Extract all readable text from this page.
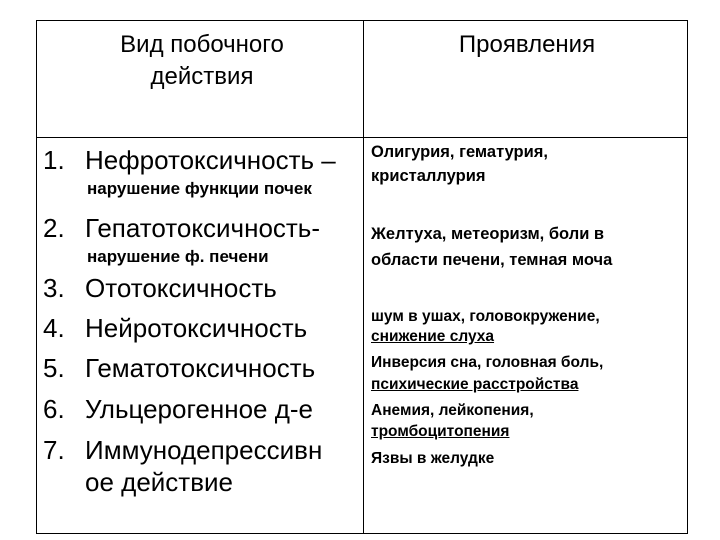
Вид побочного
действия
Проявления
1. Нефротоксичность –
нарушение функции почек
2. Гепатотоксичность-
нарушение ф. печени
3. Ототоксичность
4. Нейротоксичность
5. Гематотоксичность
6. Ульцерогенное д-е
7. Иммунодепрессивн
ое действие
Олигурия, гематурия,
кристаллурия
Желтуха, метеоризм, боли в
области печени, темная моча
шум в ушах, головокружение,
снижение слуха
Инверсия сна, головная боль,
психические расстройства
Анемия, лейкопения,
тромбоцитопения
Язвы в желудке
